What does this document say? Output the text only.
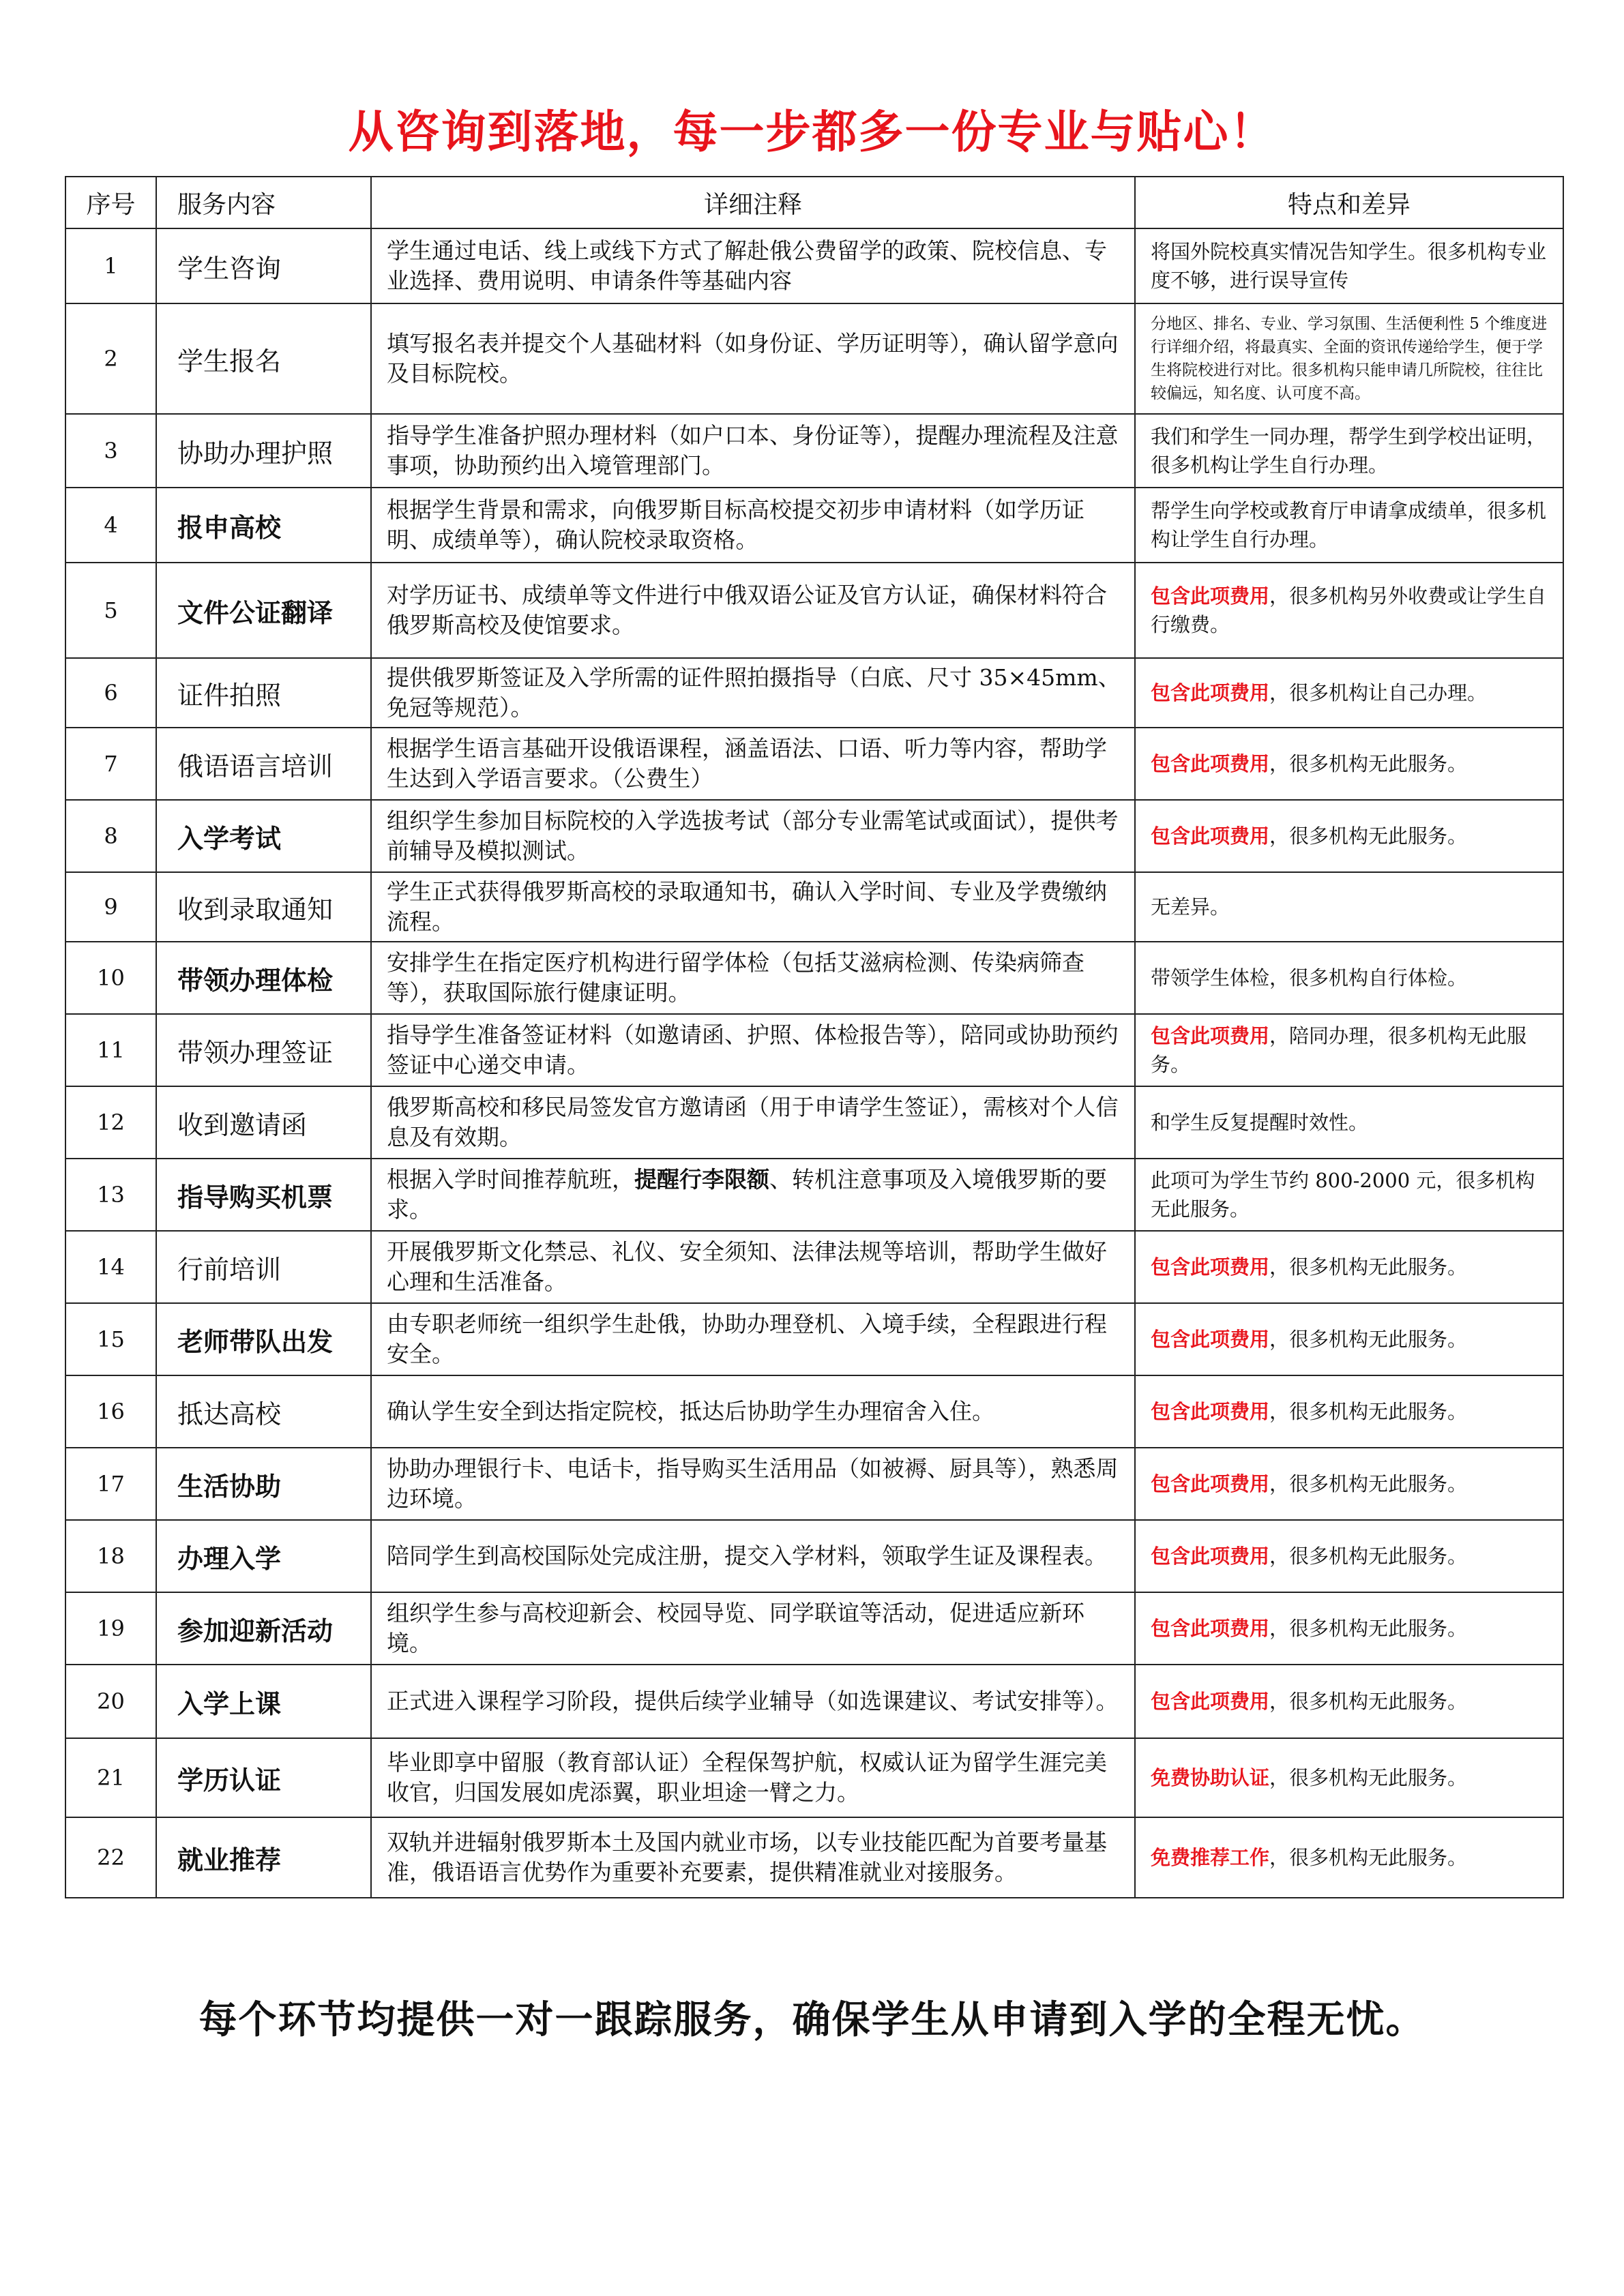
从咨询到落地，每一步都多一份专业与贴心！
序号	服务内容	详细注释	特点和差异
1	学生咨询	学生通过电话、线上或线下方式了解赴俄公费留学的政策、院校信息、专业选择、费用说明、申请条件等基础内容	将国外院校真实情况告知学生。很多机构专业度不够，进行误导宣传
2	学生报名	填写报名表并提交个人基础材料（如身份证、学历证明等），确认留学意向及目标院校。	分地区、排名、专业、学习氛围、生活便利性 5 个维度进行详细介绍，将最真实、全面的资讯传递给学生，便于学生将院校进行对比。很多机构只能申请几所院校，往往比较偏远，知名度、认可度不高。
3	协助办理护照	指导学生准备护照办理材料（如户口本、身份证等），提醒办理流程及注意事项，协助预约出入境管理部门。	我们和学生一同办理，帮学生到学校出证明，很多机构让学生自行办理。
4	报申高校	根据学生背景和需求，向俄罗斯目标高校提交初步申请材料（如学历证明、成绩单等），确认院校录取资格。	帮学生向学校或教育厅申请拿成绩单，很多机构让学生自行办理。
5	文件公证翻译	对学历证书、成绩单等文件进行中俄双语公证及官方认证，确保材料符合俄罗斯高校及使馆要求。	包含此项费用，很多机构另外收费或让学生自行缴费。
6	证件拍照	提供俄罗斯签证及入学所需的证件照拍摄指导（白底、尺寸 35×45mm、免冠等规范）。	包含此项费用，很多机构让自己办理。
7	俄语语言培训	根据学生语言基础开设俄语课程，涵盖语法、口语、听力等内容，帮助学生达到入学语言要求。（公费生）	包含此项费用，很多机构无此服务。
8	入学考试	组织学生参加目标院校的入学选拔考试（部分专业需笔试或面试），提供考前辅导及模拟测试。	包含此项费用，很多机构无此服务。
9	收到录取通知	学生正式获得俄罗斯高校的录取通知书，确认入学时间、专业及学费缴纳流程。	无差异。
10	带领办理体检	安排学生在指定医疗机构进行留学体检（包括艾滋病检测、传染病筛查等），获取国际旅行健康证明。	带领学生体检，很多机构自行体检。
11	带领办理签证	指导学生准备签证材料（如邀请函、护照、体检报告等），陪同或协助预约签证中心递交申请。	包含此项费用，陪同办理，很多机构无此服务。
12	收到邀请函	俄罗斯高校和移民局签发官方邀请函（用于申请学生签证），需核对个人信息及有效期。	和学生反复提醒时效性。
13	指导购买机票	根据入学时间推荐航班，提醒行李限额、转机注意事项及入境俄罗斯的要求。	此项可为学生节约 800-2000 元，很多机构无此服务。
14	行前培训	开展俄罗斯文化禁忌、礼仪、安全须知、法律法规等培训，帮助学生做好心理和生活准备。	包含此项费用，很多机构无此服务。
15	老师带队出发	由专职老师统一组织学生赴俄，协助办理登机、入境手续，全程跟进行程安全。	包含此项费用，很多机构无此服务。
16	抵达高校	确认学生安全到达指定院校，抵达后协助学生办理宿舍入住。	包含此项费用，很多机构无此服务。
17	生活协助	协助办理银行卡、电话卡，指导购买生活用品（如被褥、厨具等），熟悉周边环境。	包含此项费用，很多机构无此服务。
18	办理入学	陪同学生到高校国际处完成注册，提交入学材料，领取学生证及课程表。	包含此项费用，很多机构无此服务。
19	参加迎新活动	组织学生参与高校迎新会、校园导览、同学联谊等活动，促进适应新环境。	包含此项费用，很多机构无此服务。
20	入学上课	正式进入课程学习阶段，提供后续学业辅导（如选课建议、考试安排等）。	包含此项费用，很多机构无此服务。
21	学历认证	毕业即享中留服（教育部认证）全程保驾护航，权威认证为留学生涯完美收官，归国发展如虎添翼，职业坦途一臂之力。	免费协助认证，很多机构无此服务。
22	就业推荐	双轨并进辐射俄罗斯本土及国内就业市场，以专业技能匹配为首要考量基准，俄语语言优势作为重要补充要素，提供精准就业对接服务。	免费推荐工作，很多机构无此服务。
每个环节均提供一对一跟踪服务，确保学生从申请到入学的全程无忧。
